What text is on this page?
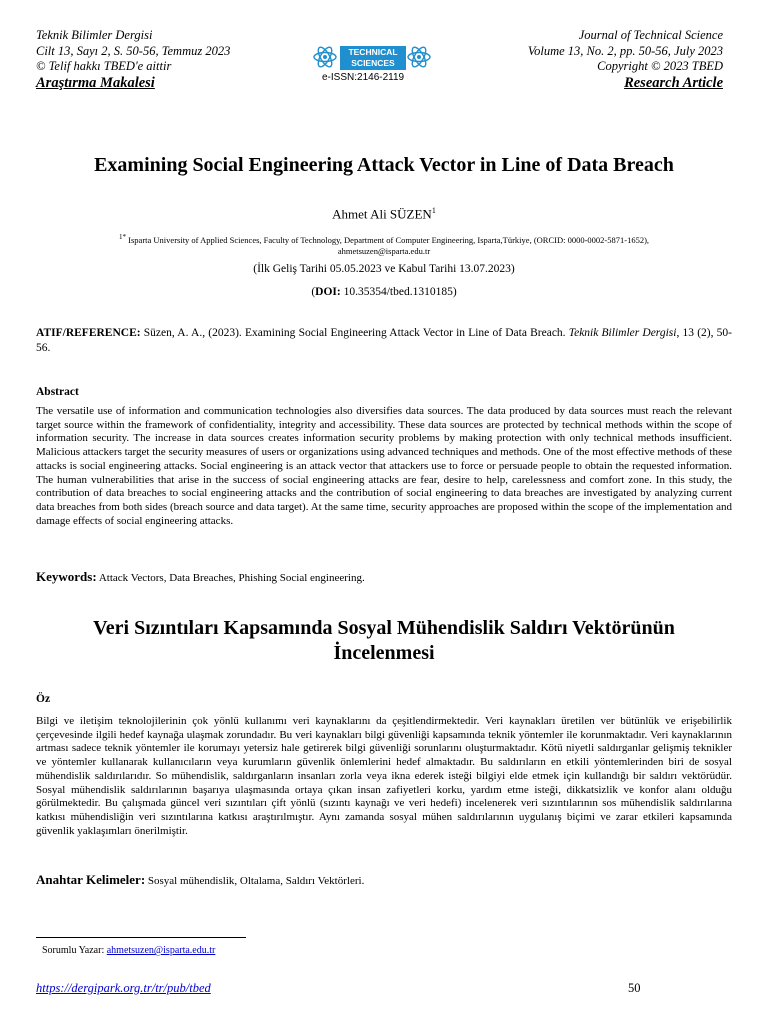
Teknik Bilimler Dergisi
Cilt 13, Sayı 2, S. 50-56, Temmuz 2023
© Telif hakkı TBED'e aittir
Araştırma Makalesi
TECHNICAL
SCIENCES
e-ISSN:2146-2119
Journal of Technical Science
Volume 13, No. 2, pp. 50-56, July 2023
Copyright © 2023 TBED
Research Article
Examining Social Engineering Attack Vector in Line of Data Breach
Ahmet Ali SÜZEN$^1$
$^{1*}$ Isparta University of Applied Sciences, Faculty of Technology, Department of Computer Engineering, Isparta,Türkiye, (ORCID: 0000-0002-5871-1652),
ahmetsuzen@isparta.edu.tr
(İlk Geliş Tarihi 05.05.2023 ve Kabul Tarihi 13.07.2023)
(DOI: 10.35354/tbed.1310185)
ATIF/REFERENCE: Süzen, A. A., (2023). Examining Social Engineering Attack Vector in Line of Data Breach. Teknik Bilimler Dergisi, 13 (2), 50-56.
Abstract
The versatile use of information and communication technologies also diversifies data sources. The data produced by data sources must reach the relevant target source within the framework of confidentiality, integrity and accessibility. These data sources are protected by technical methods within the scope of information security. The increase in data sources creates information security problems by making protection with only technical methods insufficient. Malicious attackers target the security measures of users or organizations using advanced techniques and methods. One of the most effective methods of these attacks is social engineering attacks. Social engineering is an attack vector that attackers use to force or persuade people to obtain the requested information. The human vulnerabilities that arise in the success of social engineering attacks are fear, desire to help, carelessness and comfort zone. In this study, the contribution of data breaches to social engineering attacks and the contribution of social engineering to data breaches are investigated by analyzing current data breaches from both sides (breach source and data target). At the same time, security approaches are proposed within the scope of the implementation and damage effects of social engineering attacks.
Keywords: Attack Vectors, Data Breaches, Phishing Social engineering.
Veri Sızıntıları Kapsamında Sosyal Mühendislik Saldırı Vektörünün
İncelenmesi
Öz
Bilgi ve iletişim teknolojilerinin çok yönlü kullanımı veri kaynaklarını da çeşitlendirmektedir. Veri kaynakları üretilen ver bütünlük ve erişebilirlik çerçevesinde ilgili hedef kaynağa ulaşmak zorundadır. Bu veri kaynakları bilgi güvenliği kapsamında teknik yöntemler ile korunmaktadır. Veri kaynaklarının artması sadece teknik yöntemler ile korumayı yetersiz hale getirerek bilgi güvenliği sorunlarını oluşturmaktadır. Kötü niyetli saldırganlar gelişmiş teknikler ve yöntemler kullanarak kullanıcıların veya kurumların güvenlik önlemlerini hedef almaktadır. Bu saldırıların en etkili yöntemlerinden biri de sosyal mühendislik saldırılarıdır. So mühendislik, saldırganların insanları zorla veya ikna ederek isteği bilgiyi elde etmek için kullandığı bir saldırı vektörüdür. Sosyal mühendislik saldırılarının başarıya ulaşmasında ortaya çıkan insan zafiyetleri korku, yardım etme isteği, dikkatsizlik ve konfor alanı olduğu görülmektedir. Bu çalışmada güncel veri sızıntıları çift yönlü (sızıntı kaynağı ve veri hedefi) incelenerek veri sızıntılarının sos mühendislik saldırılarına katkısı mühendisliğin veri sızıntılarına katkısı araştırılmıştır. Aynı zamanda sosyal mühen saldırılarının uygulanış biçimi ve zarar etkileri kapsamında güvenlik yaklaşımları önerilmiştir.
Anahtar Kelimeler: Sosyal mühendislik, Oltalama, Saldırı Vektörleri.
Sorumlu Yazar: ahmetsuzen@isparta.edu.tr
https://dergipark.org.tr/tr/pub/tbed	50
